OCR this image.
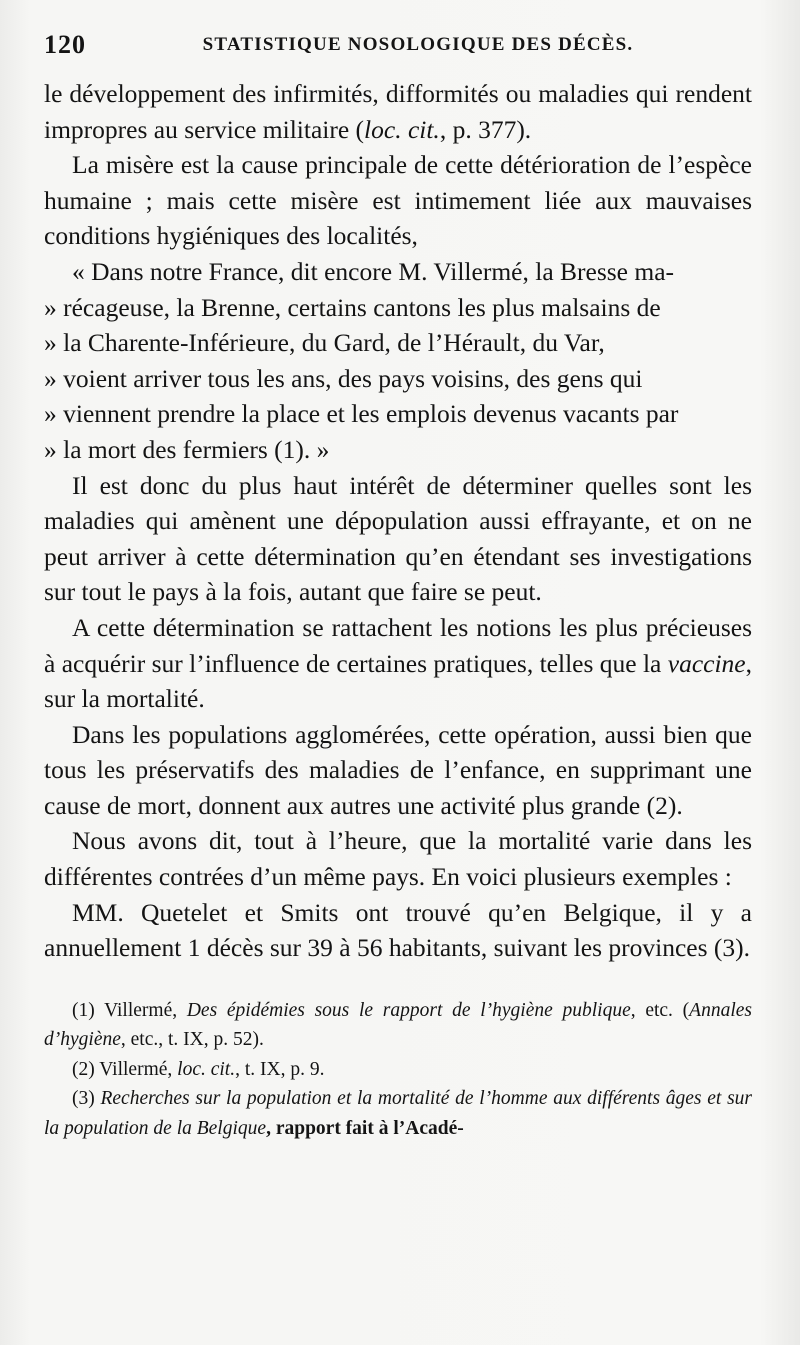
120	STATISTIQUE NOSOLOGIQUE DES DÉCÈS.

le développement des infirmités, difformités ou maladies qui rendent impropres au service militaire (loc. cit., p. 377).

La misère est la cause principale de cette détérioration de l’espèce humaine ; mais cette misère est intimement liée aux mauvaises conditions hygiéniques des localités,

« Dans notre France, dit encore M. Villermé, la Bresse ma-

» récageuse, la Brenne, certains cantons les plus malsains de

» la Charente-Inférieure, du Gard, de l’Hérault, du Var,

» voient arriver tous les ans, des pays voisins, des gens qui

» viennent prendre la place et les emplois devenus vacants par

» la mort des fermiers (1). »

Il est donc du plus haut intérêt de déterminer quelles sont les maladies qui amènent une dépopulation aussi effrayante, et on ne peut arriver à cette détermination qu’en étendant ses investigations sur tout le pays à la fois, autant que faire se peut.

A cette détermination se rattachent les notions les plus précieuses à acquérir sur l’influence de certaines pratiques, telles que la vaccine, sur la mortalité.

Dans les populations agglomérées, cette opération, aussi bien que tous les préservatifs des maladies de l’enfance, en supprimant une cause de mort, donnent aux autres une activité plus grande (2).

Nous avons dit, tout à l’heure, que la mortalité varie dans les différentes contrées d’un même pays. En voici plusieurs exemples :

MM. Quetelet et Smits ont trouvé qu’en Belgique, il y a annuellement 1 décès sur 39 à 56 habitants, suivant les provinces (3).

(1) Villermé, Des épidémies sous le rapport de l’hygiène publique, etc. (Annales d’hygiène, etc., t. IX, p. 52).

(2) Villermé, loc. cit., t. IX, p. 9.

(3) Recherches sur la population et la mortalité de l’homme aux différents âges et sur la population de la Belgique, rapport fait à l’Acadé-
